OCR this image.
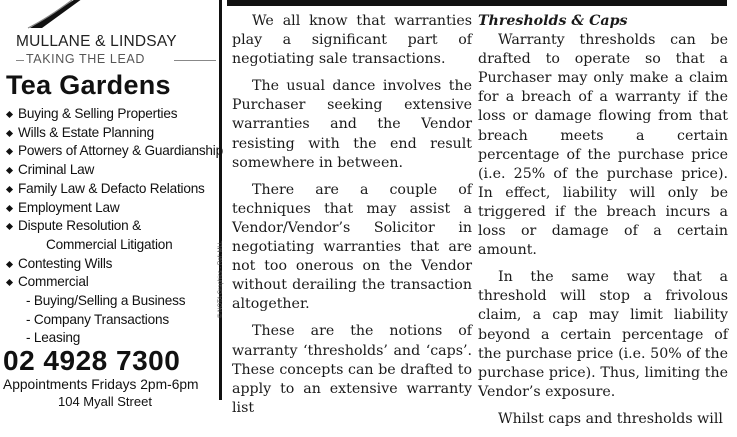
MULLANE & LINDSAY
TAKING THE LEAD
Tea Gardens
Buying & Selling Properties
Wills & Estate Planning
Powers of Attorney & Guardianship
Criminal Law
Family Law & Defacto Relations
Employment Law
Dispute Resolution &
Commercial Litigation
Contesting Wills
Commercial
- Buying/Selling a Business
- Company Transactions
- Leasing
02 4928 7300
Appointments Fridays 2pm-6pm
104 Myall Street
© NOTA Graphics - Ref: MLL

We all know that warranties play a significant part of negotiating sale transactions.

The usual dance involves the Purchaser seeking extensive warranties and the Vendor resisting with the end result somewhere in between.

There are a couple of techniques that may assist a Vendor/Vendor’s Solicitor in negotiating warranties that are not too onerous on the Vendor without derailing the transaction altogether.

These are the notions of warranty ‘thresholds’ and ‘caps’. These concepts can be drafted to apply to an extensive warranty list

Thresholds & Caps

Warranty thresholds can be drafted to operate so that a Purchaser may only make a claim for a breach of a warranty if the loss or damage flowing from that breach meets a certain percentage of the purchase price (i.e. 25% of the purchase price). In effect, liability will only be triggered if the breach incurs a loss or damage of a certain amount.

In the same way that a threshold will stop a frivolous claim, a cap may limit liability beyond a certain percentage of the purchase price (i.e. 50% of the purchase price). Thus, limiting the Vendor’s exposure.

Whilst caps and thresholds will
